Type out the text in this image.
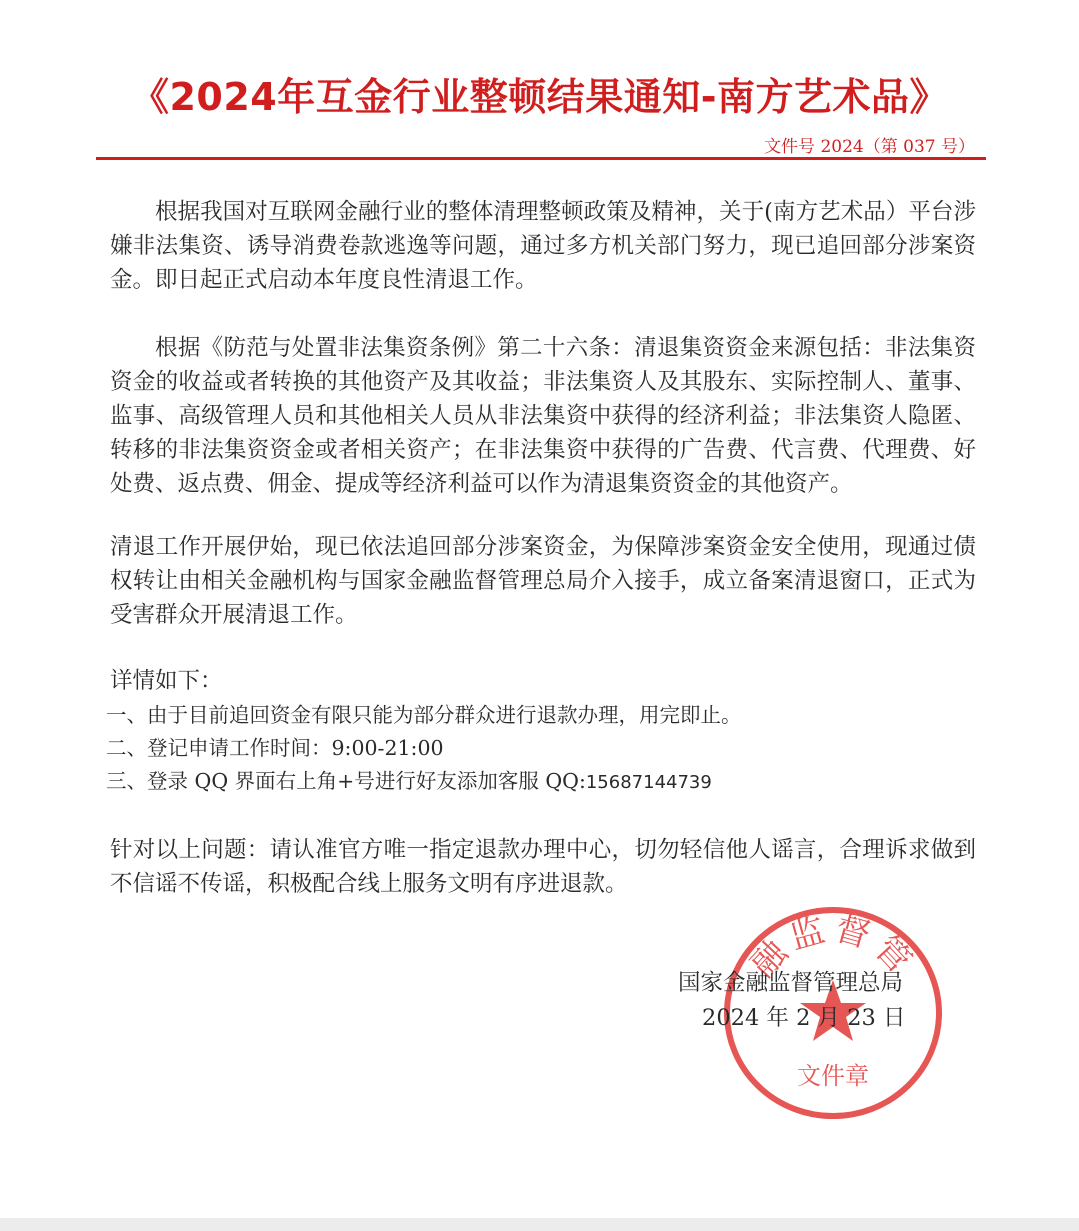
《2024年互金行业整顿结果通知-南方艺术品》
文件号 2024（第 037 号）

根据我国对互联网金融行业的整体清理整顿政策及精神，关于(南方艺术品）平台涉嫌非法集资、诱导消费卷款逃逸等问题，通过多方机关部门努力，现已追回部分涉案资金。即日起正式启动本年度良性清退工作。

根据《防范与处置非法集资条例》第二十六条：清退集资资金来源包括：非法集资资金的收益或者转换的其他资产及其收益；非法集资人及其股东、实际控制人、董事、监事、高级管理人员和其他相关人员从非法集资中获得的经济利益；非法集资人隐匿、转移的非法集资资金或者相关资产；在非法集资中获得的广告费、代言费、代理费、好处费、返点费、佣金、提成等经济利益可以作为清退集资资金的其他资产。

清退工作开展伊始，现已依法追回部分涉案资金，为保障涉案资金安全使用，现通过债权转让由相关金融机构与国家金融监督管理总局介入接手，成立备案清退窗口，正式为受害群众开展清退工作。

详情如下：
一、由于目前追回资金有限只能为部分群众进行退款办理，用完即止。
二、登记申请工作时间：9:00-21:00
三、登录 QQ 界面右上角+号进行好友添加客服 QQ:15687144739

针对以上问题：请认准官方唯一指定退款办理中心，切勿轻信他人谣言，合理诉求做到不信谣不传谣，积极配合线上服务文明有序进退款。

融监督管
文件章
国家金融监督管理总局
2024 年 2 月 23 日
